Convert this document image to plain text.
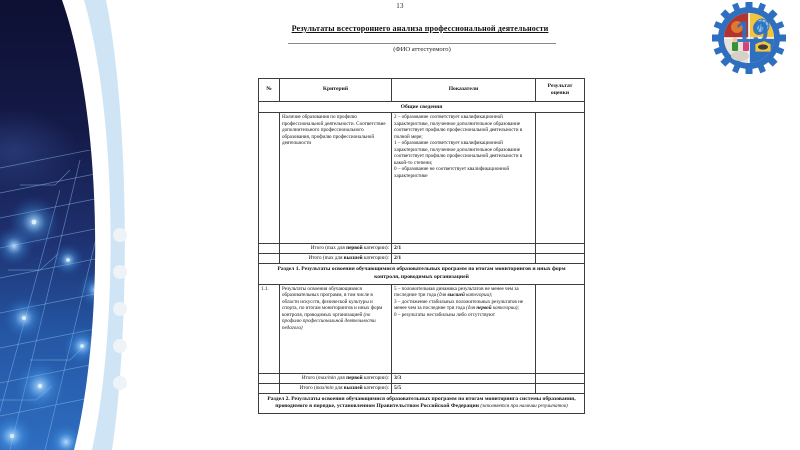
19
13
Результаты всестороннего анализа профессиональной деятельности
(ФИО аттестуемого)
№	Критерий	Показатели	Результат оценки
Общие сведения			
	Наличие образования по профилю профессиональной деятельности. Соответствие дополнительного профессионального образования, профилю профессиональной деятельности	2 – образование соответствует квалификационной характеристике, полученное дополнительное образование соответствует профилю профессиональной деятельности в полной мере;
1 – образование соответствует квалификационной характеристике, полученное дополнительное образование соответствует профилю профессиональной деятельности в какой-то степени;
0 – образование не соответствует квалификационной характеристике	

	Итого (max для первой категории):	2/1	
	Итого (max для высшей категории):	2/1	
Раздел 1. Результаты освоения обучающимися образовательных программ по итогам мониторингов и иных форм контроля, проводимых организацией			
1.1.	Результаты освоения обучающимися образовательных программ, в том числе в области искусств, физической культуры и спорта, по итогам мониторингов и иных форм контроля, проводимых организацией (по профилю профессиональной деятельности педагога)	
5 – положительная динамика результатов не менее чем за последние три года (для высшей категории);
3 – достижение стабильных положительных результатов не менее чем за последние три года (для первой категории);
0 – результаты нестабильны либо отсутствуют

	Итого (max/min для первой категории):	3/3	
	Итого (max/min для высшей категории):	5/5	
Раздел 2. Результаты освоения обучающимися образовательных программ по итогам мониторинга системы образования, проводимого в порядке, установленном Правительством Российской Федерации (заполняется при наличии результатов)			
